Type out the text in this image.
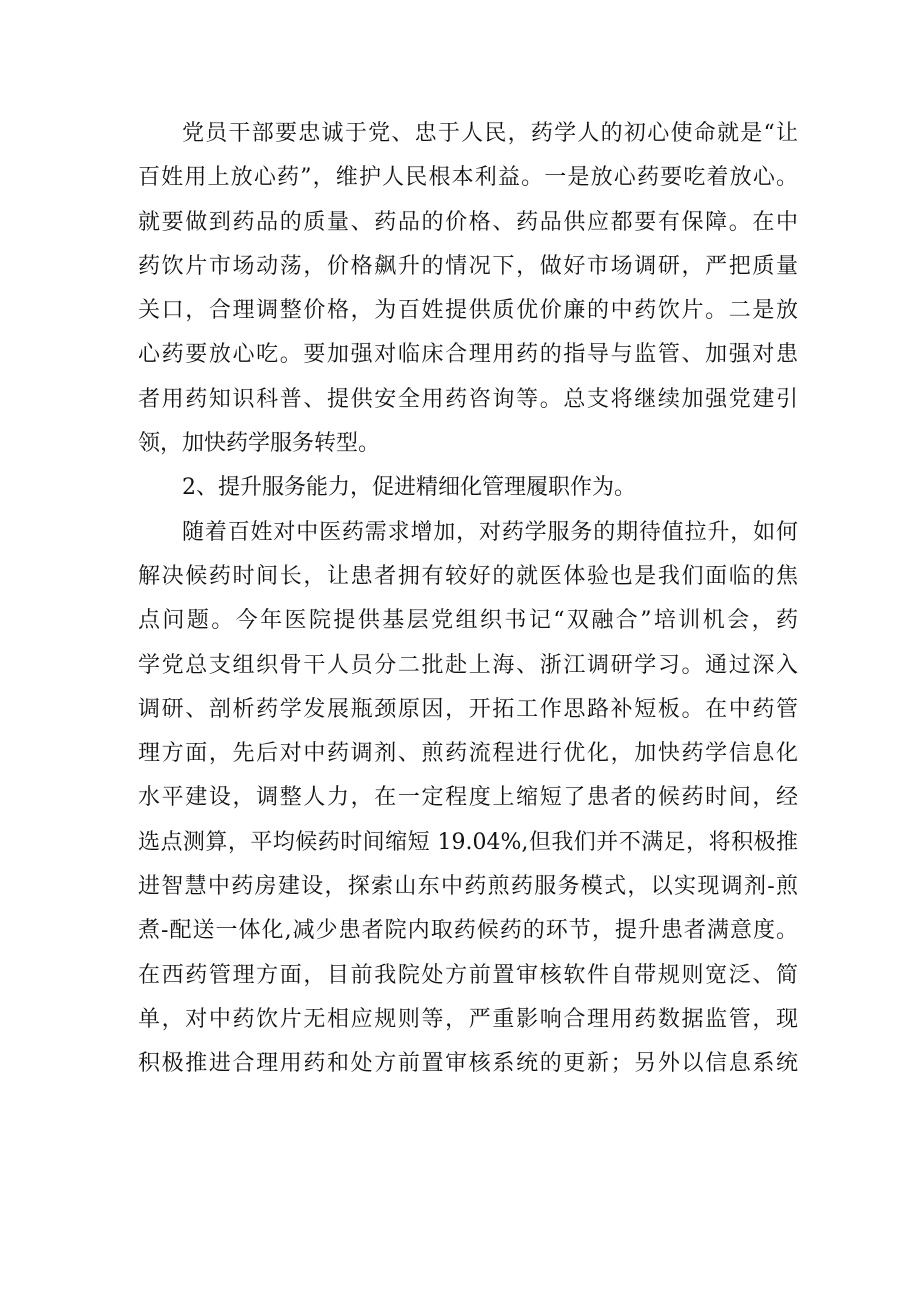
党员干部要忠诚于党、忠于人民，药学人的初心使命就是“让
百姓用上放心药”，维护人民根本利益。一是放心药要吃着放心。
就要做到药品的质量、药品的价格、药品供应都要有保障。在中
药饮片市场动荡，价格飙升的情况下，做好市场调研，严把质量
关口，合理调整价格，为百姓提供质优价廉的中药饮片。二是放
心药要放心吃。要加强对临床合理用药的指导与监管、加强对患
者用药知识科普、提供安全用药咨询等。总支将继续加强党建引
领，加快药学服务转型。
2、提升服务能力，促进精细化管理履职作为。
随着百姓对中医药需求增加，对药学服务的期待值拉升，如何
解决候药时间长，让患者拥有较好的就医体验也是我们面临的焦
点问题。今年医院提供基层党组织书记“双融合”培训机会，药
学党总支组织骨干人员分二批赴上海、浙江调研学习。通过深入
调研、剖析药学发展瓶颈原因，开拓工作思路补短板。在中药管
理方面，先后对中药调剂、煎药流程进行优化，加快药学信息化
水平建设，调整人力，在一定程度上缩短了患者的候药时间，经
选点测算，平均候药时间缩短 19.04%,但我们并不满足，将积极推
进智慧中药房建设，探索山东中药煎药服务模式，以实现调剂-煎
煮-配送一体化,减少患者院内取药候药的环节，提升患者满意度。
在西药管理方面，目前我院处方前置审核软件自带规则宽泛、简
单，对中药饮片无相应规则等，严重影响合理用药数据监管，现
积极推进合理用药和处方前置审核系统的更新；另外以信息系统
